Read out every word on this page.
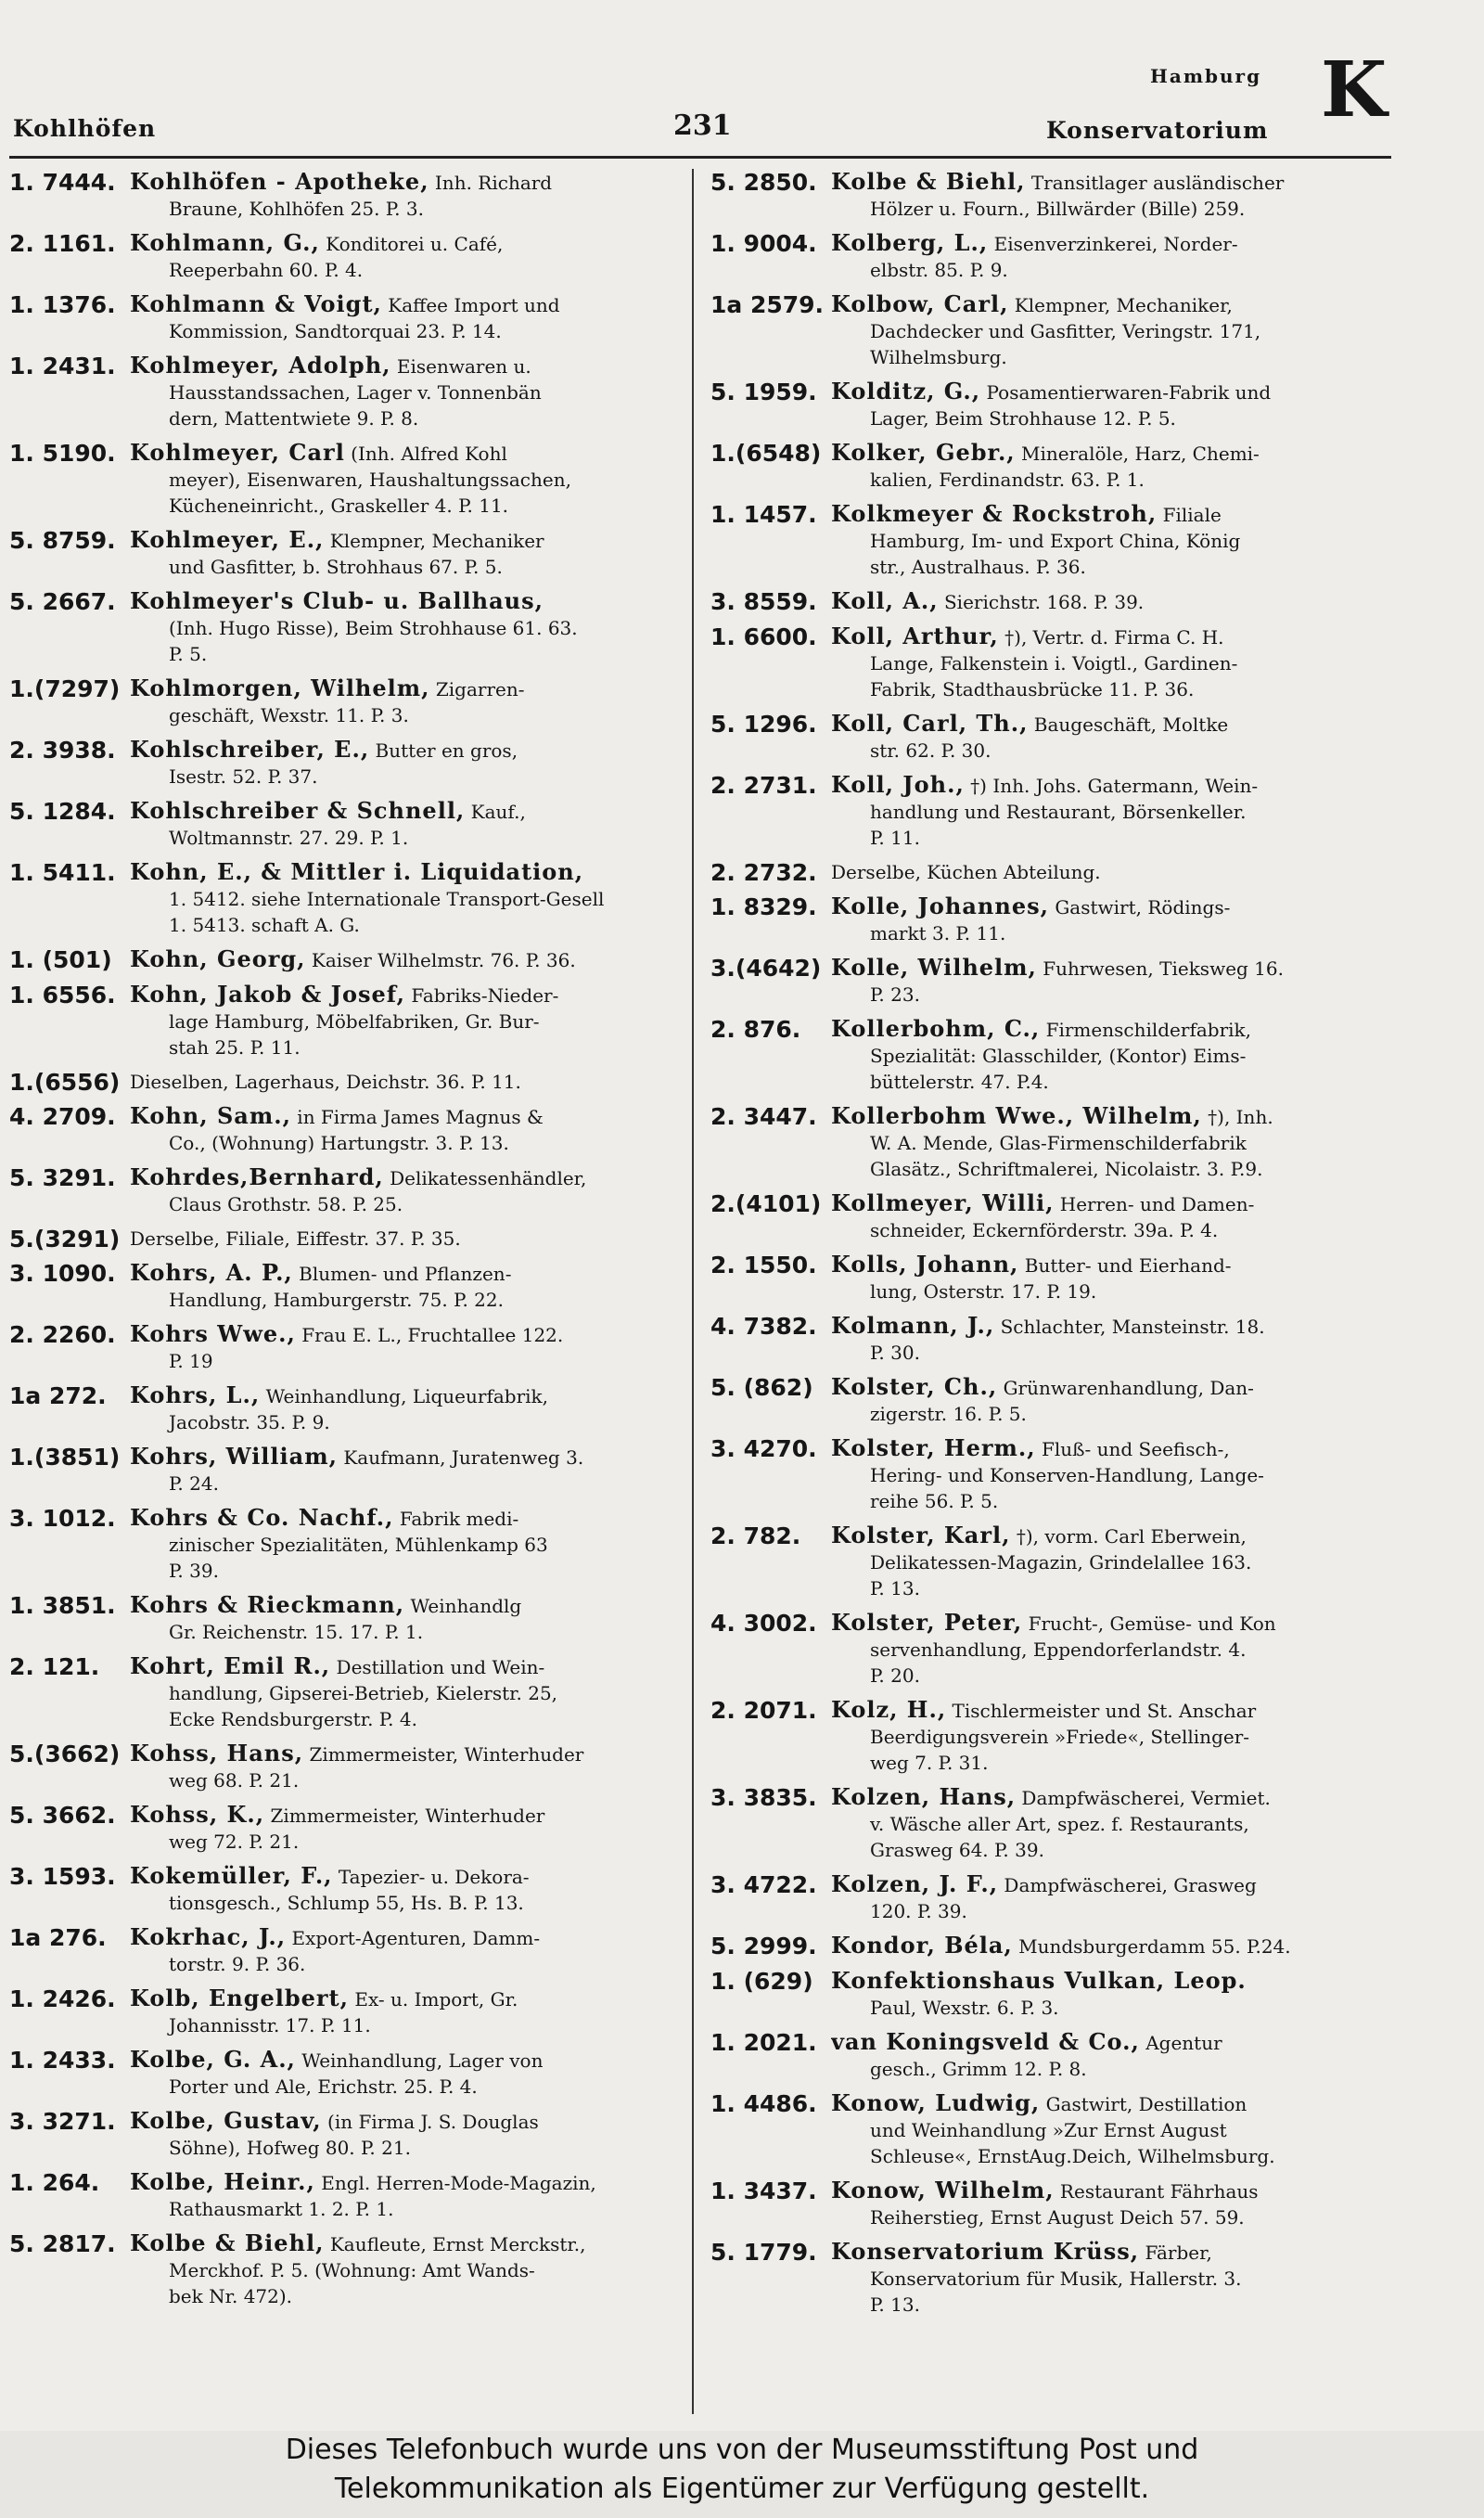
Hamburg K
Kohlhöfen	231	Konservatorium
1. 7444. Kohlhöfen - Apotheke, Inh. Richard
Braune, Kohlhöfen 25. P. 3.
2. 1161. Kohlmann, G., Konditorei u. Café,
Reeperbahn 60. P. 4.
1. 1376. Kohlmann & Voigt, Kaffee Import und
Kommission, Sandtorquai 23. P. 14.
1. 2431. Kohlmeyer, Adolph, Eisenwaren u.
Hausstandssachen, Lager v. Tonnenbän
dern, Mattentwiete 9. P. 8.
1. 5190. Kohlmeyer, Carl (Inh. Alfred Kohl
meyer), Eisenwaren, Haushaltungssachen,
Kücheneinricht., Graskeller 4. P. 11.
5. 8759. Kohlmeyer, E., Klempner, Mechaniker
und Gasfitter, b. Strohhaus 67. P. 5.
5. 2667. Kohlmeyer's Club- u. Ballhaus,
(Inh. Hugo Risse), Beim Strohhause 61. 63.
P. 5.
1.(7297) Kohlmorgen, Wilhelm, Zigarren-
geschäft, Wexstr. 11. P. 3.
2. 3938. Kohlschreiber, E., Butter en gros,
Isestr. 52. P. 37.
5. 1284. Kohlschreiber & Schnell, Kauf.,
Woltmannstr. 27. 29. P. 1.
1. 5411. Kohn, E., & Mittler i. Liquidation,
1. 5412. siehe Internationale Transport-Gesell
1. 5413. schaft A. G.
1. (501) Kohn, Georg, Kaiser Wilhelmstr. 76. P. 36.
1. 6556. Kohn, Jakob & Josef, Fabriks-Nieder-
lage Hamburg, Möbelfabriken, Gr. Bur-
stah 25. P. 11.
1.(6556) Dieselben, Lagerhaus, Deichstr. 36. P. 11.
4. 2709. Kohn, Sam., in Firma James Magnus &
Co., (Wohnung) Hartungstr. 3. P. 13.
5. 3291. Kohrdes,Bernhard, Delikatessenhändler,
Claus Grothstr. 58. P. 25.
5.(3291) Derselbe, Filiale, Eiffestr. 37. P. 35.
3. 1090. Kohrs, A. P., Blumen- und Pflanzen-
Handlung, Hamburgerstr. 75. P. 22.
2. 2260. Kohrs Wwe., Frau E. L., Fruchtallee 122.
P. 19
1a 272.	Kohrs, L., Weinhandlung, Liqueurfabrik,
Jacobstr. 35. P. 9.
1.(3851) Kohrs, William, Kaufmann, Juratenweg 3.
P. 24.
3. 1012. Kohrs & Co. Nachf., Fabrik medi-
zinischer Spezialitäten, Mühlenkamp 63
P. 39.
1. 3851. Kohrs & Rieckmann, Weinhandlg
Gr. Reichenstr. 15. 17. P. 1.
2. 121.	Kohrt, Emil R., Destillation und Wein-
handlung, Gipserei-Betrieb, Kielerstr. 25,
Ecke Rendsburgerstr. P. 4.
5.(3662) Kohss, Hans, Zimmermeister, Winterhuder
weg 68. P. 21.
5. 3662. Kohss, K., Zimmermeister, Winterhuder
weg 72. P. 21.
3. 1593. Kokemüller, F., Tapezier- u. Dekora-
tionsgesch., Schlump 55, Hs. B. P. 13.
1a 276.	Kokrhac, J., Export-Agenturen, Damm-
torstr. 9. P. 36.
1. 2426. Kolb, Engelbert, Ex- u. Import, Gr.
Johannisstr. 17. P. 11.
1. 2433. Kolbe, G. A., Weinhandlung, Lager von
Porter und Ale, Erichstr. 25. P. 4.
3. 3271. Kolbe, Gustav, (in Firma J. S. Douglas
Söhne), Hofweg 80. P. 21.
1. 264.	Kolbe, Heinr., Engl. Herren-Mode-Magazin,
Rathausmarkt 1. 2. P. 1.
5. 2817. Kolbe & Biehl, Kaufleute, Ernst Merckstr.,
Merckhof. P. 5. (Wohnung: Amt Wands-
bek Nr. 472).
5. 2850. Kolbe & Biehl, Transitlager ausländischer
Hölzer u. Fourn., Billwärder (Bille) 259.
1. 9004. Kolberg, L., Eisenverzinkerei, Norder-
elbstr. 85. P. 9.
1a 2579. Kolbow, Carl, Klempner, Mechaniker,
Dachdecker und Gasfitter, Veringstr. 171,
Wilhelmsburg.
5. 1959. Kolditz, G., Posamentierwaren-Fabrik und
Lager, Beim Strohhause 12. P. 5.
1.(6548) Kolker, Gebr., Mineralöle, Harz, Chemi-
kalien, Ferdinandstr. 63. P. 1.
1. 1457. Kolkmeyer & Rockstroh, Filiale
Hamburg, Im- und Export China, König
str., Australhaus. P. 36.
3. 8559. Koll, A., Sierichstr. 168. P. 39.
1. 6600. Koll, Arthur, †), Vertr. d. Firma C. H.
Lange, Falkenstein i. Voigtl., Gardinen-
Fabrik, Stadthausbrücke 11. P. 36.
5. 1296. Koll, Carl, Th., Baugeschäft, Moltke
str. 62. P. 30.
2. 2731. Koll, Joh., †) Inh. Johs. Gatermann, Wein-
handlung und Restaurant, Börsenkeller.
P. 11.
2. 2732. Derselbe, Küchen Abteilung.
1. 8329. Kolle, Johannes, Gastwirt, Rödings-
markt 3. P. 11.
3.(4642) Kolle, Wilhelm, Fuhrwesen, Tieksweg 16.
P. 23.
2. 876.	Kollerbohm, C., Firmenschilderfabrik,
Spezialität: Glasschilder, (Kontor) Eims-
büttelerstr. 47. P.4.
2. 3447. Kollerbohm Wwe., Wilhelm, †), Inh.
W. A. Mende, Glas-Firmenschilderfabrik
Glasätz., Schriftmalerei, Nicolaistr. 3. P.9.
2.(4101) Kollmeyer, Willi, Herren- und Damen-
schneider, Eckernförderstr. 39a. P. 4.
2. 1550. Kolls, Johann, Butter- und Eierhand-
lung, Osterstr. 17. P. 19.
4. 7382. Kolmann, J., Schlachter, Mansteinstr. 18.
P. 30.
5. (862) Kolster, Ch., Grünwarenhandlung, Dan-
zigerstr. 16. P. 5.
3. 4270. Kolster, Herm., Fluß- und Seefisch-,
Hering- und Konserven-Handlung, Lange-
reihe 56. P. 5.
2. 782.	Kolster, Karl, †), vorm. Carl Eberwein,
Delikatessen-Magazin, Grindelallee 163.
P. 13.
4. 3002. Kolster, Peter, Frucht-, Gemüse- und Kon
servenhandlung, Eppendorferlandstr. 4.
P. 20.
2. 2071. Kolz, H., Tischlermeister und St. Anschar
Beerdigungsverein »Friede«, Stellinger-
weg 7. P. 31.
3. 3835. Kolzen, Hans, Dampfwäscherei, Vermiet.
v. Wäsche aller Art, spez. f. Restaurants,
Grasweg 64. P. 39.
3. 4722. Kolzen, J. F., Dampfwäscherei, Grasweg
120. P. 39.
5. 2999. Kondor, Béla, Mundsburgerdamm 55. P.24.
1. (629) Konfektionshaus Vulkan, Leop.
Paul, Wexstr. 6. P. 3.
1. 2021. van Koningsveld & Co., Agentur
gesch., Grimm 12. P. 8.
1. 4486. Konow, Ludwig, Gastwirt, Destillation
und Weinhandlung »Zur Ernst August
Schleuse«, ErnstAug.Deich, Wilhelmsburg.
1. 3437. Konow, Wilhelm, Restaurant Fährhaus
Reiherstieg, Ernst August Deich 57. 59.
5. 1779. Konservatorium Krüss, Färber,
Konservatorium für Musik, Hallerstr. 3.
P. 13.
Dieses Telefonbuch wurde uns von der Museumsstiftung Post und
Telekommunikation als Eigentümer zur Verfügung gestellt.
